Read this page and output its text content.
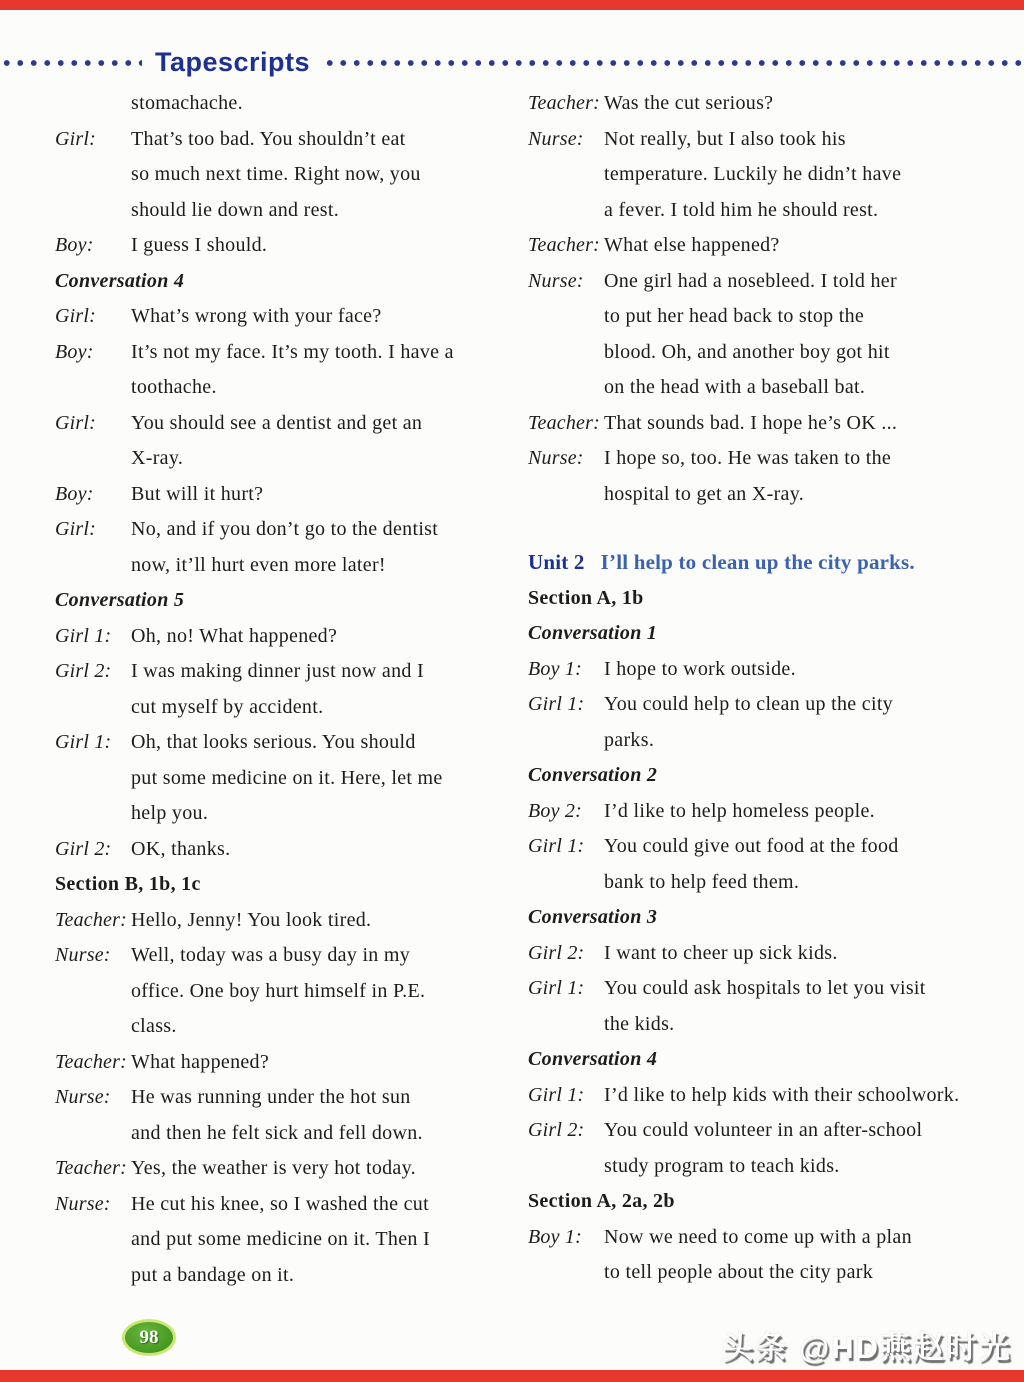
Tapescripts
stomachache.
Girl: That’s too bad. You shouldn’t eat
so much next time. Right now, you
should lie down and rest.
Boy: I guess I should.
Conversation 4
Girl: What’s wrong with your face?
Boy: It’s not my face. It’s my tooth. I have a
toothache.
Girl: You should see a dentist and get an
X-ray.
Boy: But will it hurt?
Girl: No, and if you don’t go to the dentist
now, it’ll hurt even more later!
Conversation 5
Girl 1: Oh, no! What happened?
Girl 2: I was making dinner just now and I
cut myself by accident.
Girl 1: Oh, that looks serious. You should
put some medicine on it. Here, let me
help you.
Girl 2: OK, thanks.
Section B, 1b, 1c
Teacher: Hello, Jenny! You look tired.
Nurse: Well, today was a busy day in my
office. One boy hurt himself in P.E.
class.
Teacher: What happened?
Nurse: He was running under the hot sun
and then he felt sick and fell down.
Teacher: Yes, the weather is very hot today.
Nurse: He cut his knee, so I washed the cut
and put some medicine on it. Then I
put a bandage on it.
Teacher: Was the cut serious?
Nurse: Not really, but I also took his
temperature. Luckily he didn’t have
a fever. I told him he should rest.
Teacher: What else happened?
Nurse: One girl had a nosebleed. I told her
to put her head back to stop the
blood. Oh, and another boy got hit
on the head with a baseball bat.
Teacher: That sounds bad. I hope he’s OK ...
Nurse: I hope so, too. He was taken to the
hospital to get an X-ray.
Unit 2 I’ll help to clean up the city parks.
Section A, 1b
Conversation 1
Boy 1: I hope to work outside.
Girl 1: You could help to clean up the city
parks.
Conversation 2
Boy 2: I’d like to help homeless people.
Girl 1: You could give out food at the food
bank to help feed them.
Conversation 3
Girl 2: I want to cheer up sick kids.
Girl 1: You could ask hospitals to let you visit
the kids.
Conversation 4
Girl 1: I’d like to help kids with their schoolwork.
Girl 2: You could volunteer in an after-school
study program to teach kids.
Section A, 2a, 2b
Boy 1: Now we need to come up with a plan
to tell people about the city park
98	头条 @HD燕赵时光
